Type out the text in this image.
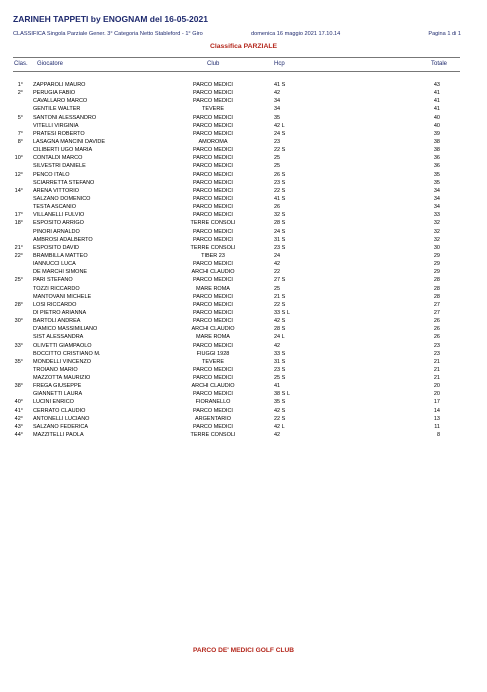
ZARINEH TAPPETI by ENOGNAM del 16-05-2021
CLASSIFICA Singola Parziale Gener. 3° Categoria Netto Stableford - 1° Giro	domenica 16 maggio 2021 17.10.14	Pagina 1 di 1
Classifica PARZIALE
Clas. Giocatore	Club	Hcp	Totale
1° ZAPPAROLI MAURO	PARCO MEDICI	41 S	43
2° PERUGIA FABIO	PARCO MEDICI	42	41
CAVALLARO MARCO	PARCO MEDICI	34	41
GENTILE WALTER	TEVERE	34	41
5° SANTONI ALESSANDRO	PARCO MEDICI	35	40
VITELLI VIRGINIA	PARCO MEDICI	42 L	40
7° PRATESI ROBERTO	PARCO MEDICI	24 S	39
8° LASAGNA MANCINI DAVIDE	AMOROMA	23	38
CILIBERTI UGO MARIA	PARCO MEDICI	22 S	38
10° CONTALDI MARCO	PARCO MEDICI	25	36
SILVESTRI DANIELE	PARCO MEDICI	25	36
12° PENCO ITALO	PARCO MEDICI	26 S	35
SCIARRETTA STEFANO	PARCO MEDICI	23 S	35
14° ARENA VITTORIO	PARCO MEDICI	22 S	34
SALZANO DOMENICO	PARCO MEDICI	41 S	34
TESTA ASCANIO	PARCO MEDICI	26	34
17° VILLANELLI FULVIO	PARCO MEDICI	32 S	33
18° ESPOSITO ARRIGO	TERRE CONSOLI	28 S	32
PINORI ARNALDO	PARCO MEDICI	24 S	32
AMBROSI ADALBERTO	PARCO MEDICI	31 S	32
21° ESPOSITO DAVID	TERRE CONSOLI	23 S	30
22° BRAMBILLA MATTEO	TIBER 23	24	29
IANNUCCI LUCA	PARCO MEDICI	42	29
DE MARCHI SIMONE	ARCHI CLAUDIO	22	29
25° PARI STEFANO	PARCO MEDICI	27 S	28
TOZZI RICCARDO	MARE ROMA	25	28
MANTOVANI MICHELE	PARCO MEDICI	21 S	28
28° LOSI RICCARDO	PARCO MEDICI	22 S	27
DI PIETRO ARIANNA	PARCO MEDICI	33 S L	27
30° BARTOLI ANDREA	PARCO MEDICI	42 S	26
D'AMICO MASSIMILIANO	ARCHI CLAUDIO	28 S	26
SIST ALESSANDRA	MARE ROMA	24 L	26
33° OLIVETTI GIAMPAOLO	PARCO MEDICI	42	23
BOCCITTO CRISTIANO M.	FIUGGI 1928	33 S	23
35° MONDELLI VINCENZO	TEVERE	31 S	21
TROIANO MARIO	PARCO MEDICI	23 S	21
MAZZOTTA MAURIZIO	PARCO MEDICI	25 S	21
38° FREGA GIUSEPPE	ARCHI CLAUDIO	41	20
GIANNETTI LAURA	PARCO MEDICI	38 S L	20
40° LUCINI ENRICO	FIORANELLO	35 S	17
41° CERRATO CLAUDIO	PARCO MEDICI	42 S	14
42° ANTONELLI LUCIANO	ARGENTARIO	22 S	13
43° SALZANO FEDERICA	PARCO MEDICI	42 L	11
44° MAZZITELLI PAOLA	TERRE CONSOLI	42	8
PARCO DE' MEDICI GOLF CLUB
